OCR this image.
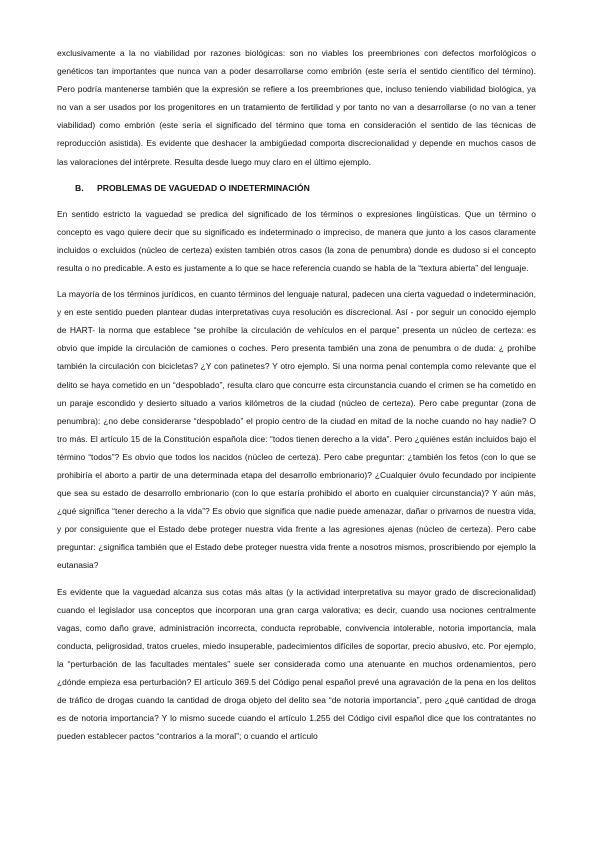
exclusivamente a la no viabilidad por razones biológicas: son no viables los preembriones con defectos morfológicos o genéticos tan importantes que nunca van a poder desarrollarse como embrión (este sería el sentido científico del término). Pero podría mantenerse también que la expresión se refiere a los preembriones que, incluso teniendo viabilidad biológica, ya no van a ser usados por los progenitores en un tratamiento de fertilidad y por tanto no van a desarrollarse (o no van a tener viabilidad) como embrión (este sería el significado del término que toma en consideración el sentido de las técnicas de reproducción asistida). Es evidente que deshacer la ambigüedad comporta discrecionalidad y depende en muchos casos de las valoraciones del intérprete. Resulta desde luego muy claro en el último ejemplo.

B. PROBLEMAS DE VAGUEDAD O INDETERMINACIÓN

En sentido estricto la vaguedad se predica del significado de los términos o expresiones lingüísticas. Que un término o concepto es vago quiere decir que su significado es indeterminado o impreciso, de manera que junto a los casos claramente incluidos o excluidos (núcleo de certeza) existen también otros casos (la zona de penumbra) donde es dudoso si el concepto resulta o no predicable. A esto es justamente a lo que se hace referencia cuando se habla de la “textura abierta” del lenguaje.

La mayoría de los términos jurídicos, en cuanto términos del lenguaje natural, padecen una cierta vaguedad o indeterminación, y en este sentido pueden plantear dudas interpretativas cuya resolución es discrecional. Así - por seguir un conocido ejemplo de HART- la norma que establece “se prohíbe la circulación de vehículos en el parque” presenta un núcleo de certeza: es obvio que impide la circulación de camiones o coches. Pero presenta también una zona de penumbra o de duda: ¿ prohíbe también la circulación con bicicletas? ¿Y con patinetes? Y otro ejemplo. Si una norma penal contempla como relevante que el delito se haya cometido en un “despoblado”, resulta claro que concurre esta circunstancia cuando el crimen se ha cometido en un paraje escondido y desierto situado a varios kilómetros de la ciudad (núcleo de certeza). Pero cabe preguntar (zona de penumbra): ¿no debe considerarse “despoblado” el propio centro de la ciudad en mitad de la noche cuando no hay nadie? O tro más. El artículo 15 de la Constitución española dice: “todos tienen derecho a la vida”. Pero ¿quiénes están incluidos bajo el término “todos”? Es obvio que todos los nacidos (núcleo de certeza). Pero cabe preguntar: ¿también los fetos (con lo que se prohibiría el aborto a partir de una determinada etapa del desarrollo embrionario)? ¿Cualquier óvulo fecundado por incipiente que sea su estado de desarrollo embrionario (con lo que estaría prohibido el aborto en cualquier circunstancia)? Y aún más, ¿qué significa “tener derecho a la vida”? Es obvio que significa que nadie puede amenazar, dañar o privarnos de nuestra vida, y por consiguiente que el Estado debe proteger nuestra vida frente a las agresiones ajenas (núcleo de certeza). Pero cabe preguntar: ¿significa también que el Estado debe proteger nuestra vida frente a nosotros mismos, proscribiendo por ejemplo la eutanasia?

Es evidente que la vaguedad alcanza sus cotas más altas (y la actividad interpretativa su mayor grado de discrecionalidad) cuando el legislador usa conceptos que incorporan una gran carga valorativa; es decir, cuando usa nociones centralmente vagas, como daño grave, administración incorrecta, conducta reprobable, convivencia intolerable, notoria importancia, mala conducta, peligrosidad, tratos crueles, miedo insuperable, padecimientos difíciles de soportar, precio abusivo, etc. Por ejemplo, la “perturbación de las facultades mentales” suele ser considerada como una atenuante en muchos ordenamientos, pero ¿dónde empieza esa perturbación? El artículo 369.5 del Código penal español prevé una agravación de la pena en los delitos de tráfico de drogas cuando la cantidad de droga objeto del delito sea “de notoria importancia”, pero ¿qué cantidad de droga es de notoria importancia? Y lo mismo sucede cuando el artículo 1.255 del Código civil español dice que los contratantes no pueden establecer pactos “contrarios a la moral”; o cuando el artículo
